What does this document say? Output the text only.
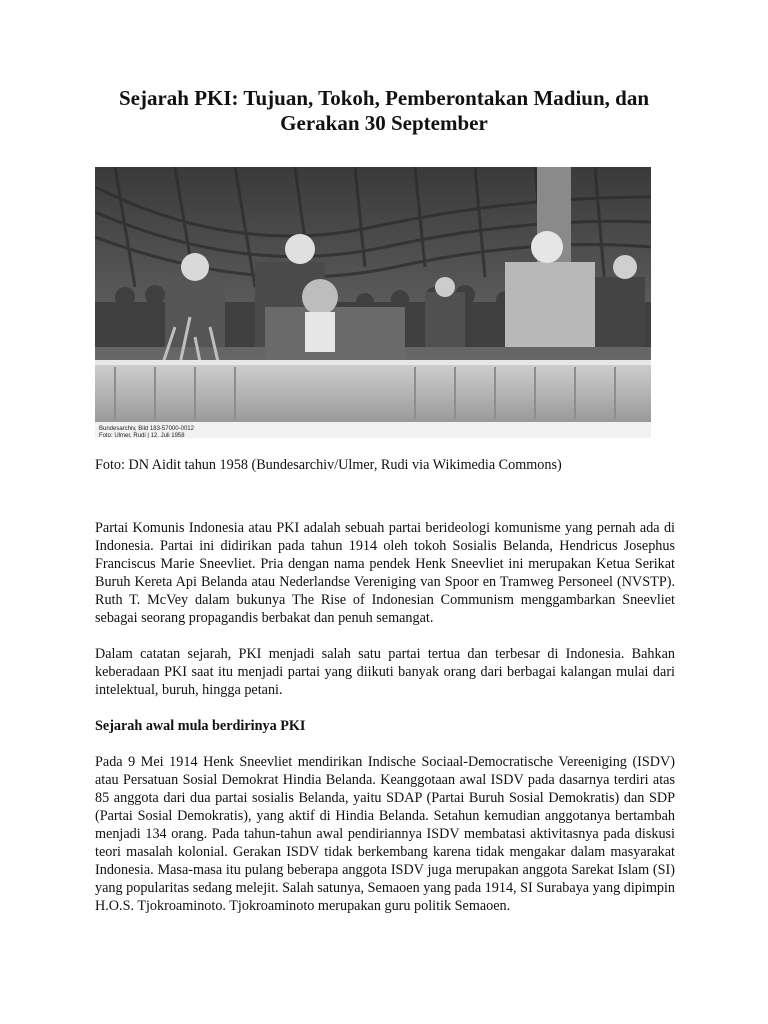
Sejarah PKI: Tujuan, Tokoh, Pemberontakan Madiun, dan
Gerakan 30 September
Bundesarchiv, Bild 183-57000-0012
Foto: Ulmer, Rudi | 12. Juli 1958

Foto: DN Aidit tahun 1958 (Bundesarchiv/Ulmer, Rudi via Wikimedia Commons)

Partai Komunis Indonesia atau PKI adalah sebuah partai berideologi komunisme yang pernah ada di Indonesia. Partai ini didirikan pada tahun 1914 oleh tokoh Sosialis Belanda, Hendricus Josephus Franciscus Marie Sneevliet. Pria dengan nama pendek Henk Sneevliet ini merupakan Ketua Serikat Buruh Kereta Api Belanda atau Nederlandse Vereniging van Spoor en Tramweg Personeel (NVSTP). Ruth T. McVey dalam bukunya The Rise of Indonesian Communism menggambarkan Sneevliet sebagai seorang propagandis berbakat dan penuh semangat.

Dalam catatan sejarah, PKI menjadi salah satu partai tertua dan terbesar di Indonesia. Bahkan keberadaan PKI saat itu menjadi partai yang diikuti banyak orang dari berbagai kalangan mulai dari intelektual, buruh, hingga petani.

Sejarah awal mula berdirinya PKI

Pada 9 Mei 1914 Henk Sneevliet mendirikan Indische Sociaal-Democratische Vereeniging (ISDV) atau Persatuan Sosial Demokrat Hindia Belanda. Keanggotaan awal ISDV pada dasarnya terdiri atas 85 anggota dari dua partai sosialis Belanda, yaitu SDAP (Partai Buruh Sosial Demokratis) dan SDP (Partai Sosial Demokratis), yang aktif di Hindia Belanda. Setahun kemudian anggotanya bertambah menjadi 134 orang. Pada tahun-tahun awal pendiriannya ISDV membatasi aktivitasnya pada diskusi teori masalah kolonial. Gerakan ISDV tidak berkembang karena tidak mengakar dalam masyarakat Indonesia. Masa-masa itu pulang beberapa anggota ISDV juga merupakan anggota Sarekat Islam (SI) yang popularitas sedang melejit. Salah satunya, Semaoen yang pada 1914, SI Surabaya yang dipimpin H.O.S. Tjokroaminoto. Tjokroaminoto merupakan guru politik Semaoen.
